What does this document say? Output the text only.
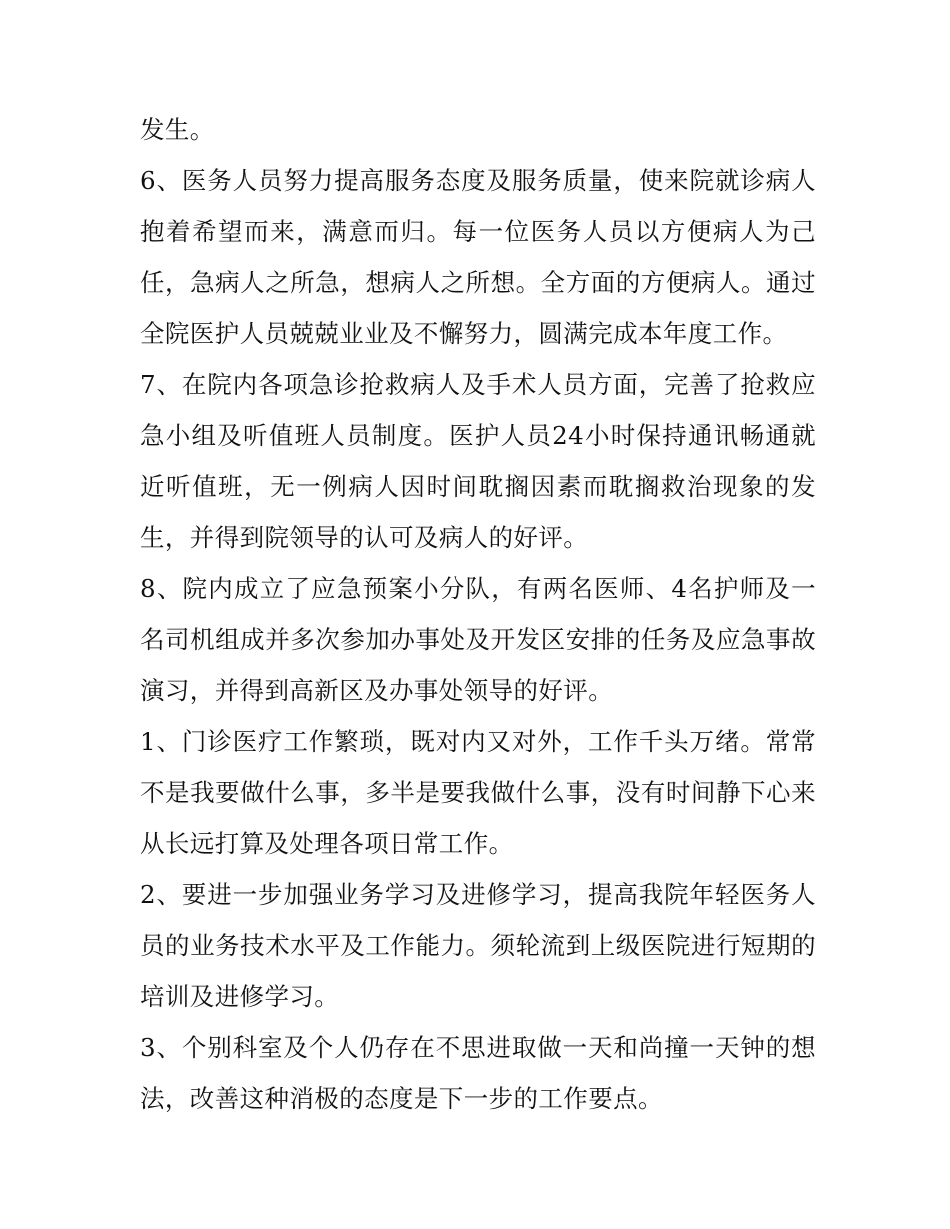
发生。

6、医务人员努力提高服务态度及服务质量，使来院就诊病人抱着希望而来，满意而归。每一位医务人员以方便病人为己任，急病人之所急，想病人之所想。全方面的方便病人。通过全院医护人员兢兢业业及不懈努力，圆满完成本年度工作。

7、在院内各项急诊抢救病人及手术人员方面，完善了抢救应急小组及听值班人员制度。医护人员24小时保持通讯畅通就近听值班，无一例病人因时间耽搁因素而耽搁救治现象的发生，并得到院领导的认可及病人的好评。

8、院内成立了应急预案小分队，有两名医师、4名护师及一名司机组成并多次参加办事处及开发区安排的任务及应急事故演习，并得到高新区及办事处领导的好评。

1、门诊医疗工作繁琐，既对内又对外，工作千头万绪。常常不是我要做什么事，多半是要我做什么事，没有时间静下心来从长远打算及处理各项日常工作。

2、要进一步加强业务学习及进修学习，提高我院年轻医务人员的业务技术水平及工作能力。须轮流到上级医院进行短期的培训及进修学习。

3、个别科室及个人仍存在不思进取做一天和尚撞一天钟的想法，改善这种消极的态度是下一步的工作要点。
